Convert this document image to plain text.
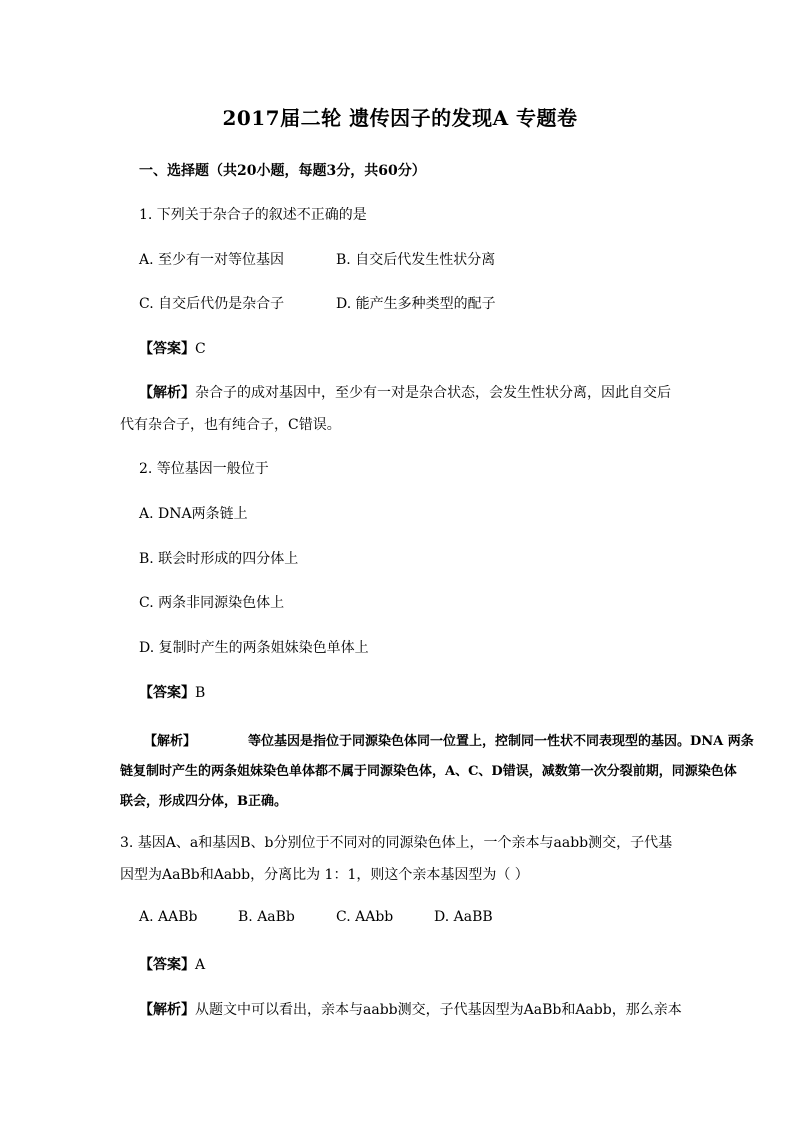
2017届二轮 遗传因子的发现A 专题卷
一、选择题（共20小题，每题3分，共60分）
1. 下列关于杂合子的叙述不正确的是
A. 至少有一对等位基因	B. 自交后代发生性状分离
C. 自交后代仍是杂合子	D. 能产生多种类型的配子
【答案】C
【解析】杂合子的成对基因中，至少有一对是杂合状态，会发生性状分离，因此自交后
代有杂合子，也有纯合子，C错误。
2. 等位基因一般位于
A. DNA两条链上
B. 联会时形成的四分体上
C. 两条非同源染色体上
D. 复制时产生的两条姐妹染色单体上
【答案】B
【解析】	等位基因是指位于同源染色体同一位置上，控制同一性状不同表现型的基因。DNA 两条
链复制时产生的两条姐妹染色单体都不属于同源染色体，A、C、D错误，减数第一次分裂前期，同源染色体
联会，形成四分体，B正确。
3. 基因A、a和基因B、b分别位于不同对的同源染色体上，一个亲本与aabb测交，子代基
因型为AaBb和Aabb，分离比为 1：1，则这个亲本基因型为（ ）
A. AABb	B. AaBb	C. AAbb	D. AaBB
【答案】A
【解析】从题文中可以看出，亲本与aabb测交，子代基因型为AaBb和Aabb，那么亲本
